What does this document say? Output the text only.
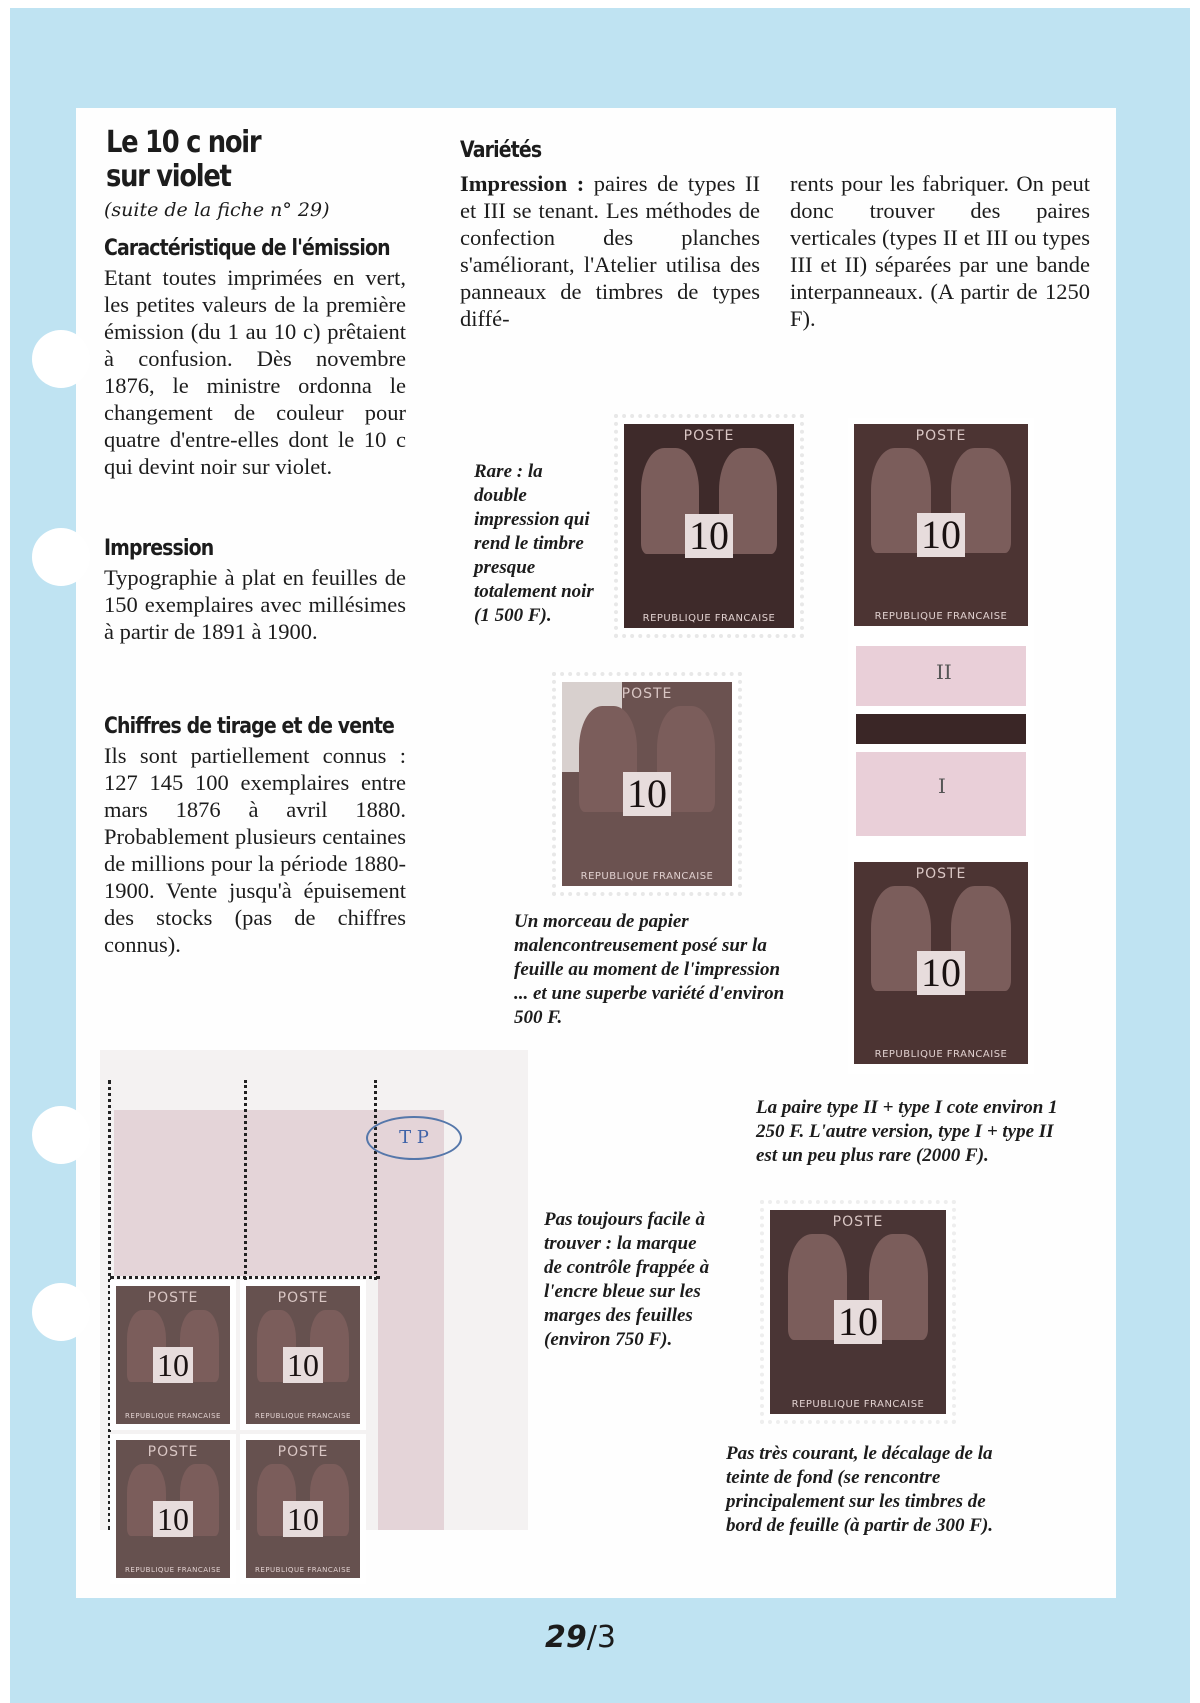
Le 10 c noir
sur violet
(suite de la fiche n° 29)
Caractéristique de l'émission
Etant toutes imprimées en vert, les petites valeurs de la première émission (du 1 au 10 c) prêtaient à confusion. Dès novembre 1876, le ministre ordonna le changement de couleur pour quatre d'entre-elles dont le 10 c qui devint noir sur violet.
Impression
Typographie à plat en feuilles de 150 exemplaires avec millésimes à partir de 1891 à 1900.
Chiffres de tirage et de vente
Ils sont partiellement connus : 127 145 100 exemplaires entre mars 1876 à avril 1880. Probablement plusieurs centaines de millions pour la période 1880-1900. Vente jusqu'à épuisement des stocks (pas de chiffres connus).
Variétés
Impression : paires de types II et III se tenant. Les méthodes de confection des planches s'améliorant, l'Atelier utilisa des panneaux de timbres de types diffé-
rents pour les fabriquer. On peut donc trouver des paires verticales (types II et III ou types III et II) séparées par une bande interpanneaux. (A partir de 1250 F).
Rare : la double impression qui rend le timbre presque totalement noir (1 500 F).
POSTE
10
REPUBLIQUE FRANCAISE
POSTE
10
REPUBLIQUE FRANCAISE
Un morceau de papier malencontreusement posé sur la feuille au moment de l'impression ... et une superbe variété d'environ 500 F.
POSTE
10
REPUBLIQUE FRANCAISE
II
I
POSTE
10
REPUBLIQUE FRANCAISE
La paire type II + type I cote environ 1 250 F. L'autre version, type I + type II est un peu plus rare (2000 F).
T P
POSTE
10
REPUBLIQUE FRANCAISE
POSTE
10
REPUBLIQUE FRANCAISE
POSTE
10
REPUBLIQUE FRANCAISE
POSTE
10
REPUBLIQUE FRANCAISE
Pas toujours facile à trouver : la marque de contrôle frappée à l'encre bleue sur les marges des feuilles (environ 750 F).
POSTE
10
REPUBLIQUE FRANCAISE
Pas très courant, le décalage de la teinte de fond (se rencontre principalement sur les timbres de bord de feuille (à partir de 300 F).
29/3
